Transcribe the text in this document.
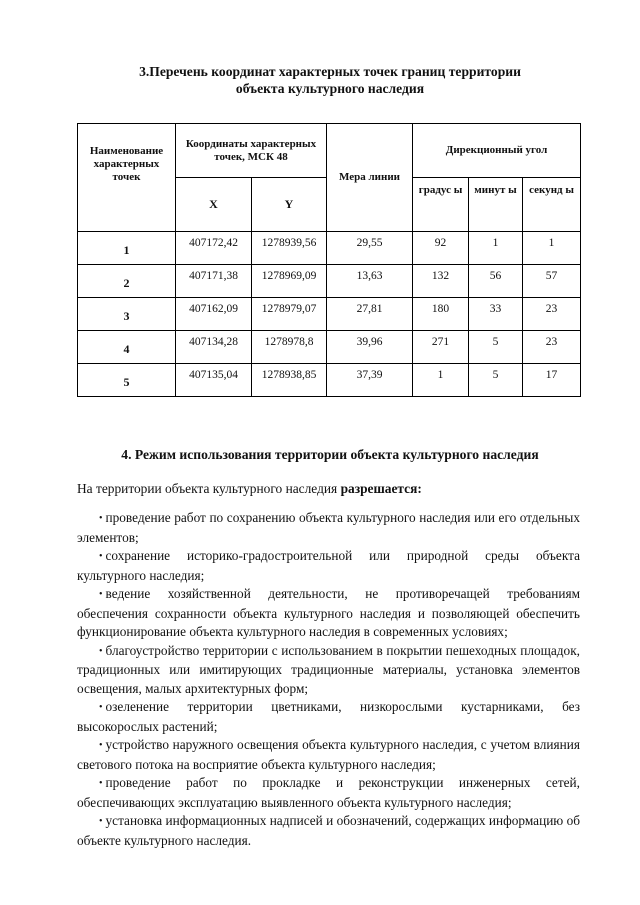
3.Перечень координат характерных точек границ территории
объекта культурного наследия
Наименование характерных точек	Координаты характерных точек, МСК 48		Мера линии	Дирекционный угол		
	X	Y		градус ы	минут ы	секунд ы
1	407172,42	1278939,56	29,55	92	1	1
2	407171,38	1278969,09	13,63	132	56	57
3	407162,09	1278979,07	27,81	180	33	23
4	407134,28	1278978,8	39,96	271	5	23
5	407135,04	1278938,85	37,39	1	5	17
4. Режим использования территории объекта культурного наследия

На территории объекта культурного наследия разрешается:

• проведение работ по сохранению объекта культурного наследия или его отдельных элементов;
• сохранение историко-градостроительной или природной среды объекта культурного наследия;
• ведение хозяйственной деятельности, не противоречащей требованиям обеспечения сохранности объекта культурного наследия и позволяющей обеспечить функционирование объекта культурного наследия в современных условиях;
• благоустройство территории с использованием в покрытии пешеходных площадок, традиционных или имитирующих традиционные материалы, установка элементов освещения, малых архитектурных форм;
• озеленение территории цветниками, низкорослыми кустарниками, без высокорослых растений;
• устройство наружного освещения объекта культурного наследия, с учетом влияния светового потока на восприятие объекта культурного наследия;
• проведение работ по прокладке и реконструкции инженерных сетей, обеспечивающих эксплуатацию выявленного объекта культурного наследия;
• установка информационных надписей и обозначений, содержащих информацию об объекте культурного наследия.
